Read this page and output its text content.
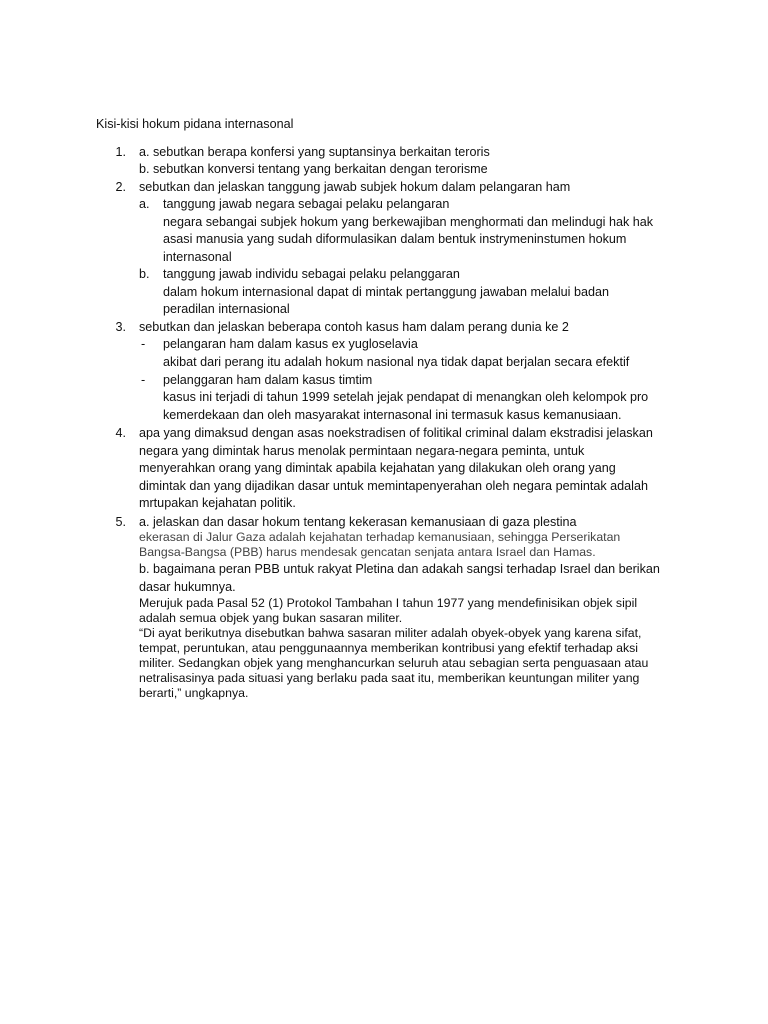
Kisi-kisi hokum pidana internasonal
1. a. sebutkan berapa konfersi yang suptansinya berkaitan teroris
b. sebutkan konversi tentang yang berkaitan dengan terorisme
2. sebutkan dan jelaskan tanggung jawab subjek hokum dalam pelangaran ham
a. tanggung jawab negara sebagai pelaku pelangaran
negara sebangai subjek hokum yang berkewajiban menghormati dan melindugi hak hak
asasi manusia yang sudah diformulasikan dalam bentuk instrymeninstumen hokum
internasonal
b. tanggung jawab individu sebagai pelaku pelanggaran
dalam hokum internasional dapat di mintak pertanggung jawaban melalui badan
peradilan internasional
3. sebutkan dan jelaskan beberapa contoh kasus ham dalam perang dunia ke 2
- pelangaran ham dalam kasus ex yugloselavia
akibat dari perang itu adalah hokum nasional nya tidak dapat berjalan secara efektif
- pelanggaran ham dalam kasus timtim
kasus ini terjadi di tahun 1999 setelah jejak pendapat di menangkan oleh kelompok pro
kemerdekaan dan oleh masyarakat internasonal ini termasuk kasus kemanusiaan.
4. apa yang dimaksud dengan asas noekstradisen of folitikal criminal dalam ekstradisi jelaskan
negara yang dimintak harus menolak permintaan negara-negara peminta, untuk
menyerahkan orang yang dimintak apabila kejahatan yang dilakukan oleh orang yang
dimintak dan yang dijadikan dasar untuk memintapenyerahan oleh negara pemintak adalah
mrtupakan kejahatan politik.
5. a. jelaskan dan dasar hokum tentang kekerasan kemanusiaan di gaza plestina
ekerasan di Jalur Gaza adalah kejahatan terhadap kemanusiaan, sehingga Perserikatan
Bangsa-Bangsa (PBB) harus mendesak gencatan senjata antara Israel dan Hamas.
b. bagaimana peran PBB untuk rakyat Pletina dan adakah sangsi terhadap Israel dan berikan
dasar hukumnya.
Merujuk pada Pasal 52 (1) Protokol Tambahan I tahun 1977 yang mendefinisikan objek sipil
adalah semua objek yang bukan sasaran militer.
“Di ayat berikutnya disebutkan bahwa sasaran militer adalah obyek-obyek yang karena sifat,
tempat, peruntukan, atau penggunaannya memberikan kontribusi yang efektif terhadap aksi
militer. Sedangkan objek yang menghancurkan seluruh atau sebagian serta penguasaan atau
netralisasinya pada situasi yang berlaku pada saat itu, memberikan keuntungan militer yang
berarti,” ungkapnya.
